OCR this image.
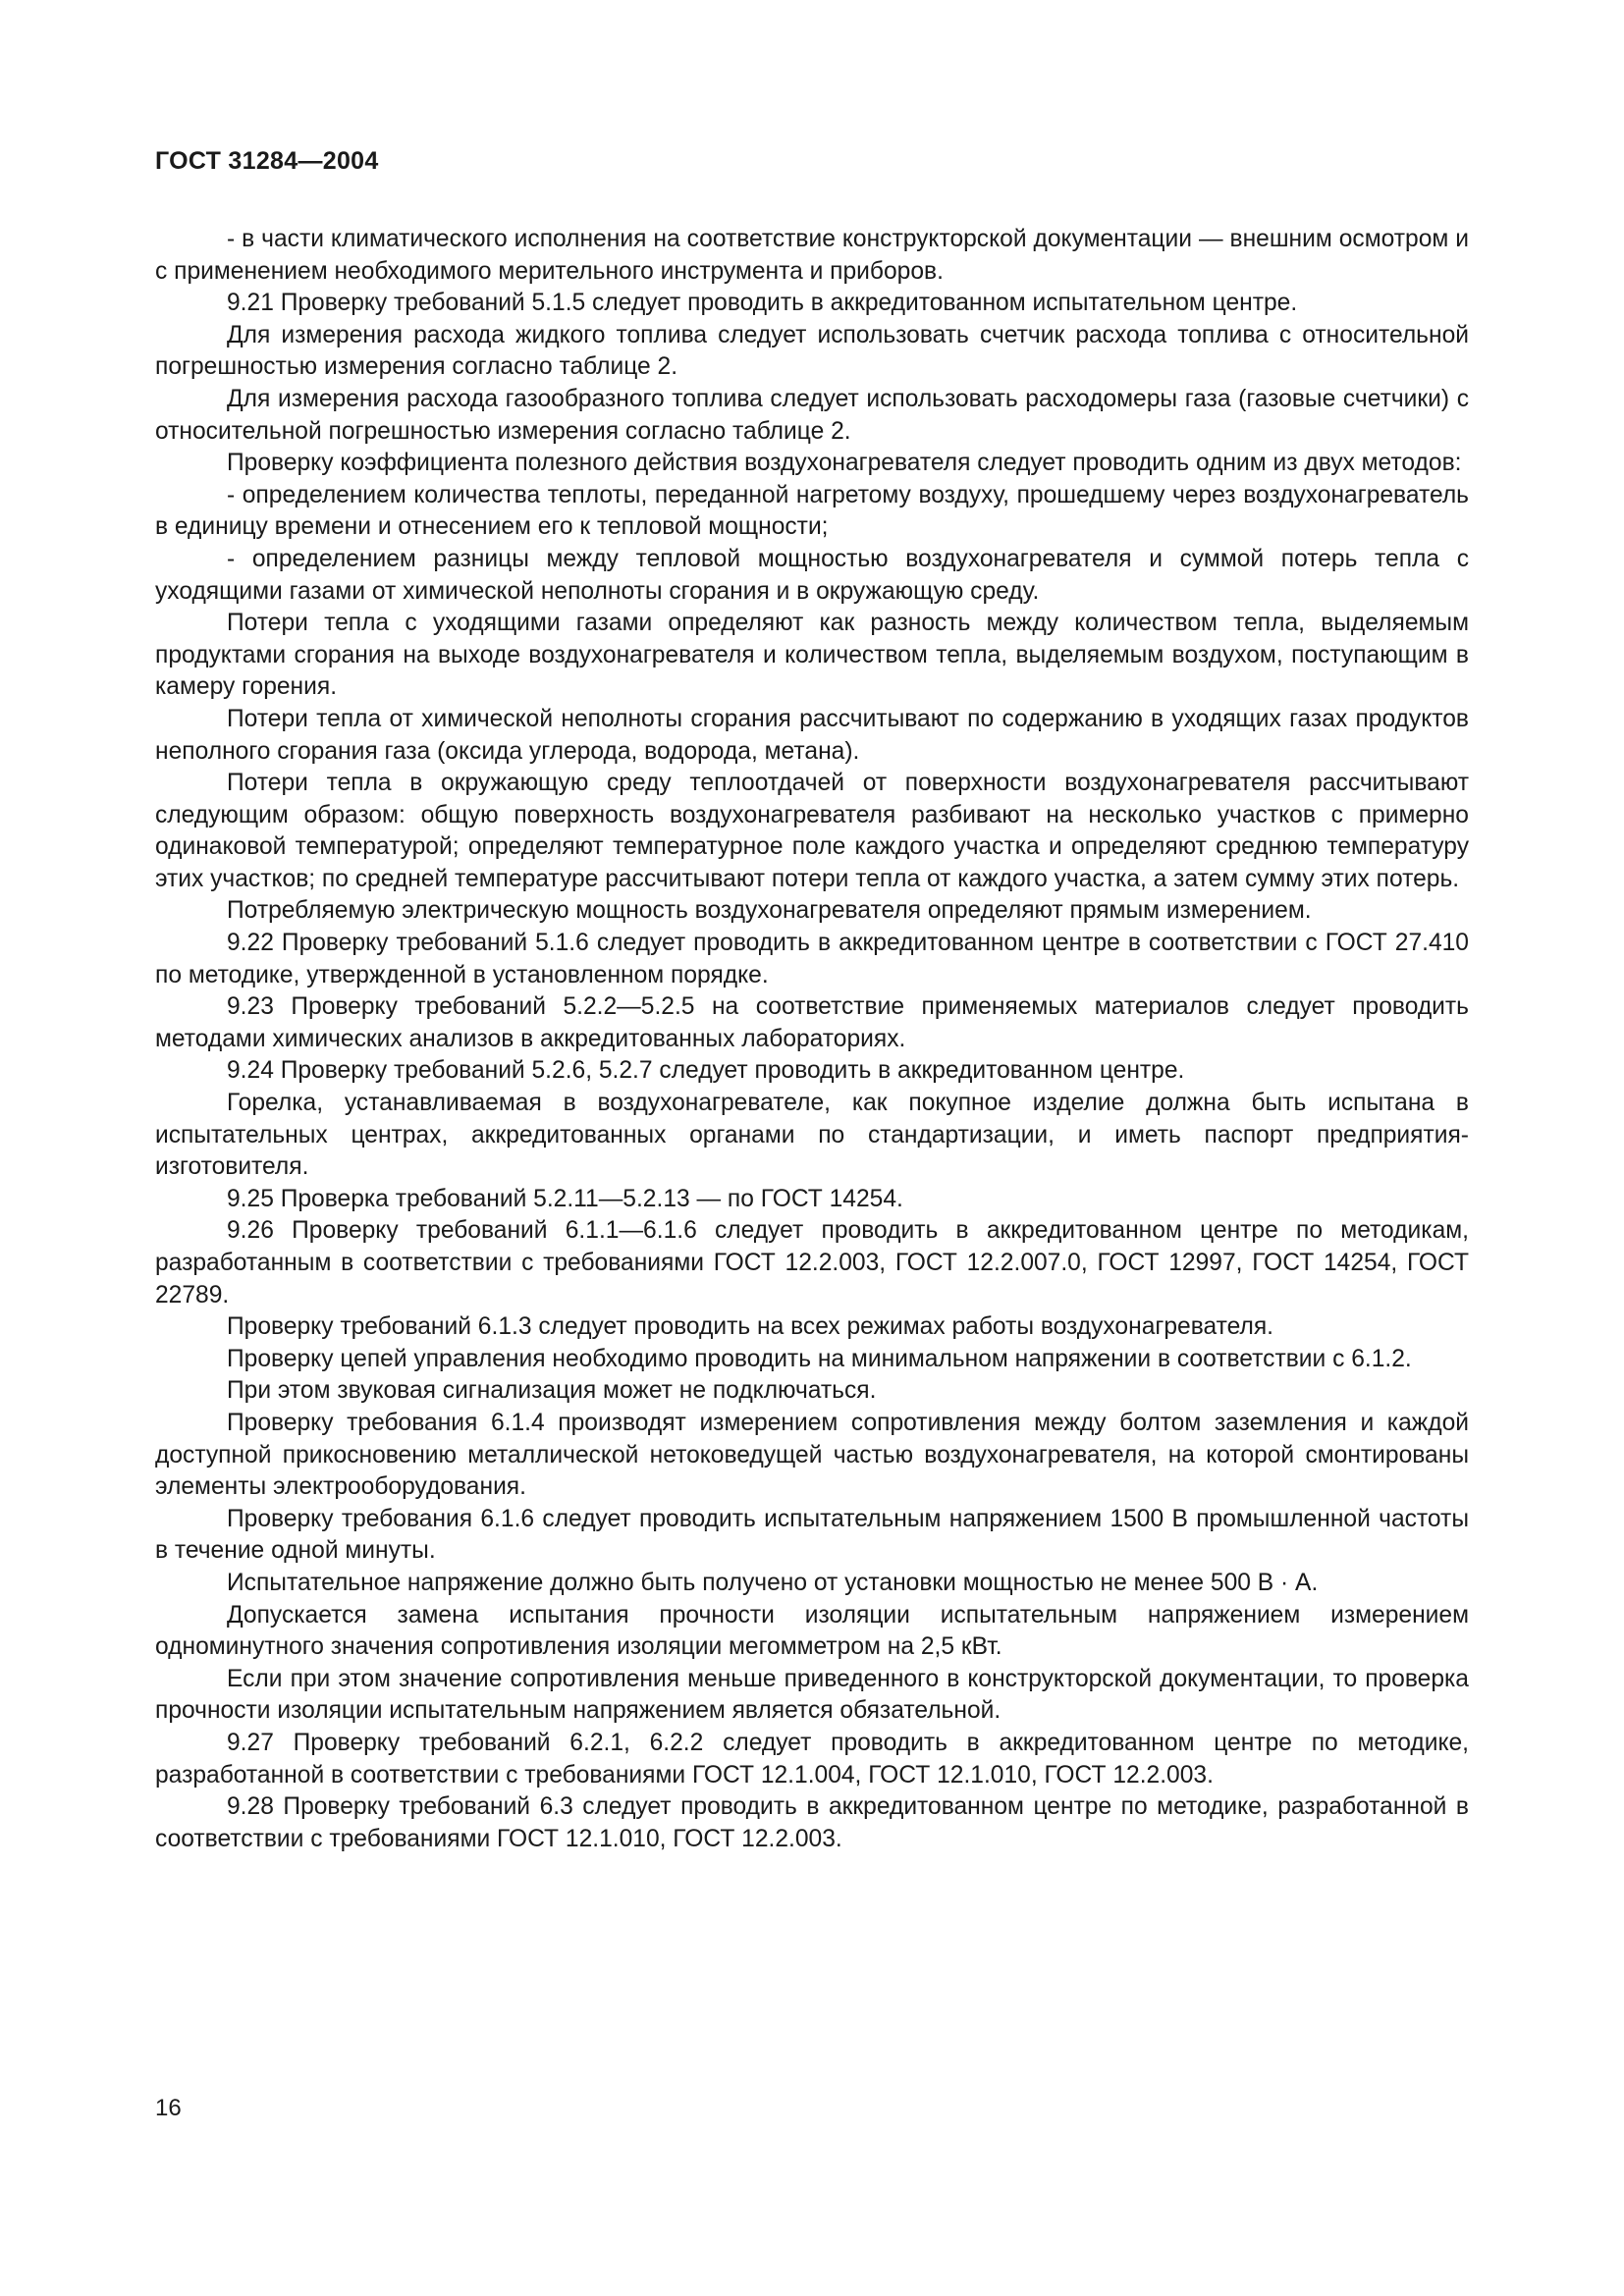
ГОСТ 31284—2004

- в части климатического исполнения на соответствие конструкторской документации — внешним осмотром и с применением необходимого мерительного инструмента и приборов.

9.21 Проверку требований 5.1.5 следует проводить в аккредитованном испытательном центре.

Для измерения расхода жидкого топлива следует использовать счетчик расхода топлива с относительной погрешностью измерения согласно таблице 2.

Для измерения расхода газообразного топлива следует использовать расходомеры газа (газовые счетчики) с относительной погрешностью измерения согласно таблице 2.

Проверку коэффициента полезного действия воздухонагревателя следует проводить одним из двух методов:

- определением количества теплоты, переданной нагретому воздуху, прошедшему через воздухонагреватель в единицу времени и отнесением его к тепловой мощности;

- определением разницы между тепловой мощностью воздухонагревателя и суммой потерь тепла с уходящими газами от химической неполноты сгорания и в окружающую среду.

Потери тепла с уходящими газами определяют как разность между количеством тепла, выделяемым продуктами сгорания на выходе воздухонагревателя и количеством тепла, выделяемым воздухом, поступающим в камеру горения.

Потери тепла от химической неполноты сгорания рассчитывают по содержанию в уходящих газах продуктов неполного сгорания газа (оксида углерода, водорода, метана).

Потери тепла в окружающую среду теплоотдачей от поверхности воздухонагревателя рассчитывают следующим образом: общую поверхность воздухонагревателя разбивают на несколько участков с примерно одинаковой температурой; определяют температурное поле каждого участка и определяют среднюю температуру этих участков; по средней температуре рассчитывают потери тепла от каждого участка, а затем сумму этих потерь.

Потребляемую электрическую мощность воздухонагревателя определяют прямым измерением.

9.22 Проверку требований 5.1.6 следует проводить в аккредитованном центре в соответствии с ГОСТ 27.410 по методике, утвержденной в установленном порядке.

9.23 Проверку требований 5.2.2—5.2.5 на соответствие применяемых материалов следует проводить методами химических анализов в аккредитованных лабораториях.

9.24 Проверку требований 5.2.6, 5.2.7 следует проводить в аккредитованном центре.

Горелка, устанавливаемая в воздухонагревателе, как покупное изделие должна быть испытана в испытательных центрах, аккредитованных органами по стандартизации, и иметь паспорт предприятия-изготовителя.

9.25 Проверка требований 5.2.11—5.2.13 — по ГОСТ 14254.

9.26 Проверку требований 6.1.1—6.1.6 следует проводить в аккредитованном центре по методикам, разработанным в соответствии с требованиями ГОСТ 12.2.003, ГОСТ 12.2.007.0, ГОСТ 12997, ГОСТ 14254, ГОСТ 22789.

Проверку требований 6.1.3 следует проводить на всех режимах работы воздухонагревателя.

Проверку цепей управления необходимо проводить на минимальном напряжении в соответствии с 6.1.2.

При этом звуковая сигнализация может не подключаться.

Проверку требования 6.1.4 производят измерением сопротивления между болтом заземления и каждой доступной прикосновению металлической нетоковедущей частью воздухонагревателя, на которой смонтированы элементы электрооборудования.

Проверку требования 6.1.6 следует проводить испытательным напряжением 1500 В промышленной частоты в течение одной минуты.

Испытательное напряжение должно быть получено от установки мощностью не менее 500 В · А.

Допускается замена испытания прочности изоляции испытательным напряжением измерением одноминутного значения сопротивления изоляции мегомметром на 2,5 кВт.

Если при этом значение сопротивления меньше приведенного в конструкторской документации, то проверка прочности изоляции испытательным напряжением является обязательной.

9.27 Проверку требований 6.2.1, 6.2.2 следует проводить в аккредитованном центре по методике, разработанной в соответствии с требованиями ГОСТ 12.1.004, ГОСТ 12.1.010, ГОСТ 12.2.003.

9.28 Проверку требований 6.3 следует проводить в аккредитованном центре по методике, разработанной в соответствии с требованиями ГОСТ 12.1.010, ГОСТ 12.2.003.

16
